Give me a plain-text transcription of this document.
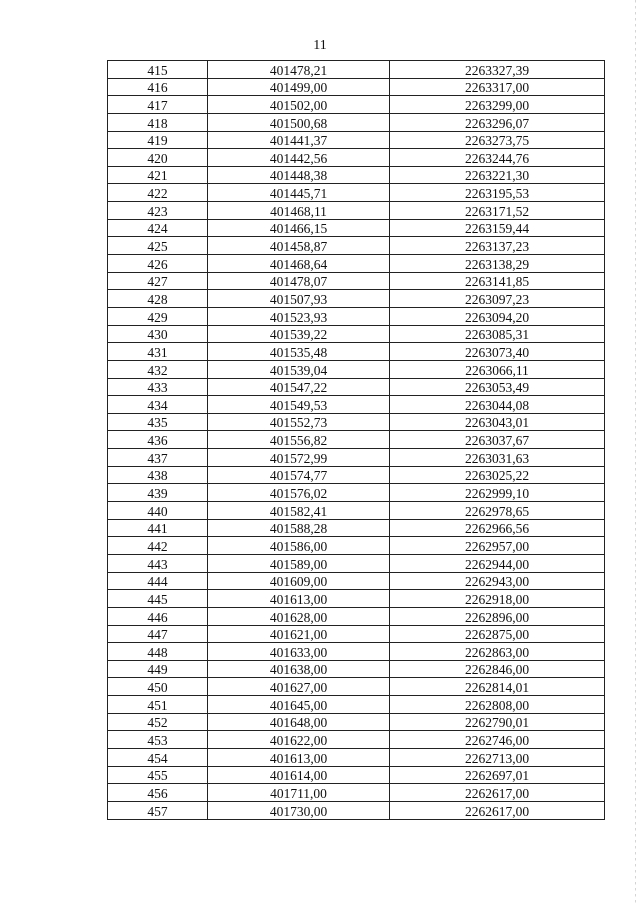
11
415	401478,21	2263327,39
416	401499,00	2263317,00
417	401502,00	2263299,00
418	401500,68	2263296,07
419	401441,37	2263273,75
420	401442,56	2263244,76
421	401448,38	2263221,30
422	401445,71	2263195,53
423	401468,11	2263171,52
424	401466,15	2263159,44
425	401458,87	2263137,23
426	401468,64	2263138,29
427	401478,07	2263141,85
428	401507,93	2263097,23
429	401523,93	2263094,20
430	401539,22	2263085,31
431	401535,48	2263073,40
432	401539,04	2263066,11
433	401547,22	2263053,49
434	401549,53	2263044,08
435	401552,73	2263043,01
436	401556,82	2263037,67
437	401572,99	2263031,63
438	401574,77	2263025,22
439	401576,02	2262999,10
440	401582,41	2262978,65
441	401588,28	2262966,56
442	401586,00	2262957,00
443	401589,00	2262944,00
444	401609,00	2262943,00
445	401613,00	2262918,00
446	401628,00	2262896,00
447	401621,00	2262875,00
448	401633,00	2262863,00
449	401638,00	2262846,00
450	401627,00	2262814,01
451	401645,00	2262808,00
452	401648,00	2262790,01
453	401622,00	2262746,00
454	401613,00	2262713,00
455	401614,00	2262697,01
456	401711,00	2262617,00
457	401730,00	2262617,00
